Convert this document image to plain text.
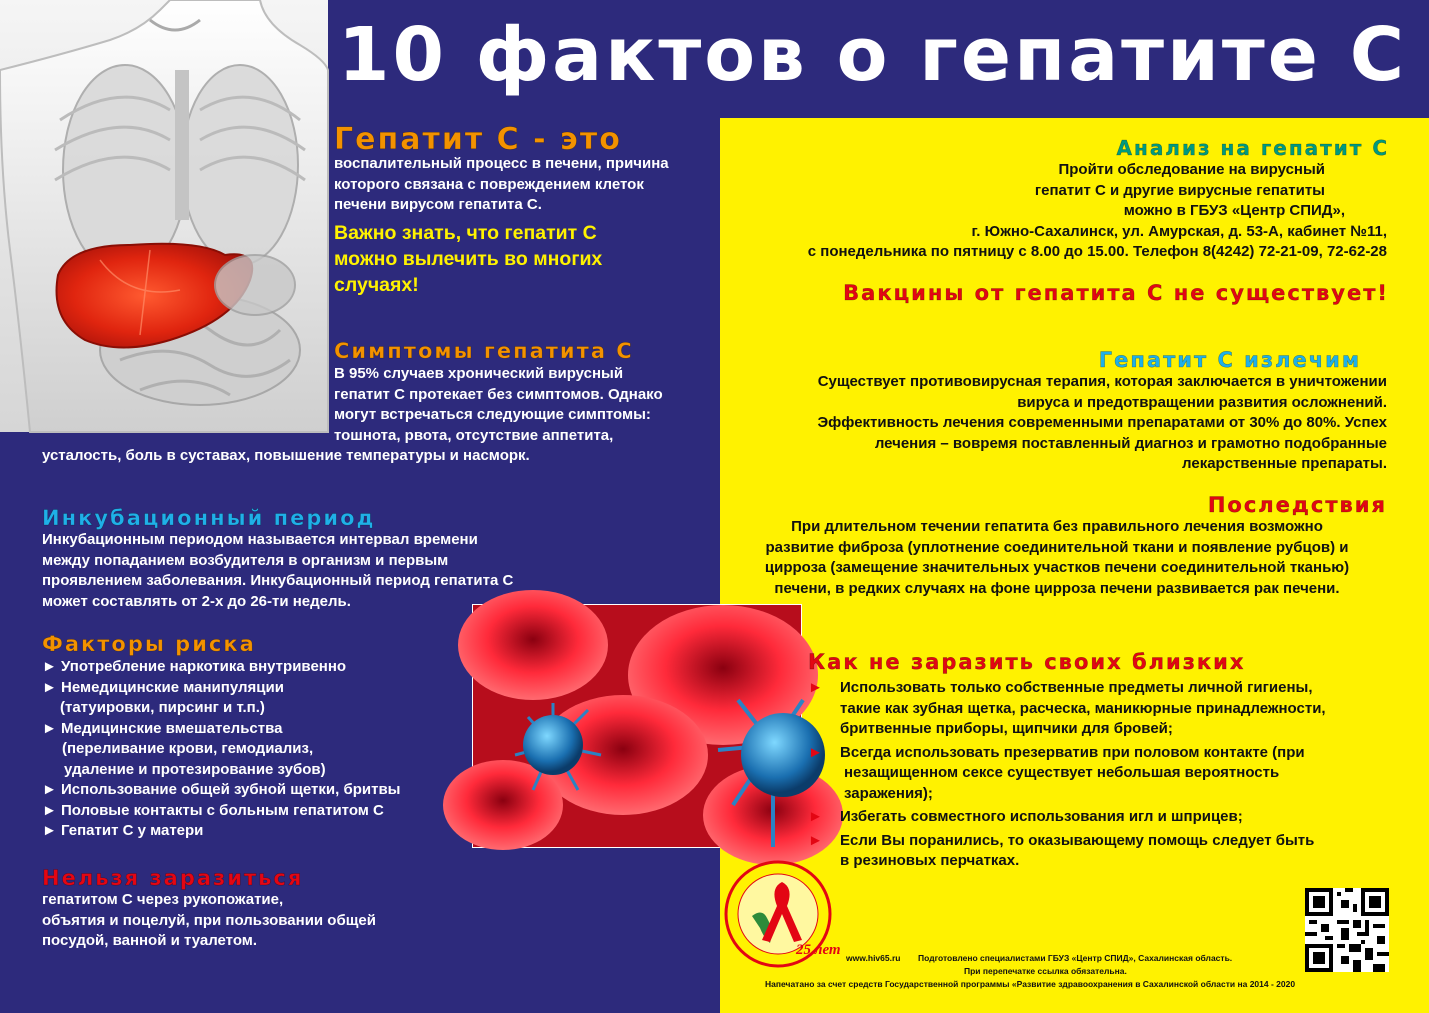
10 фактов о гепатите С
Гепатит С - это
воспалительный процесс в печени, причина
которого связана с повреждением клеток
печени вирусом гепатита С.
Важно знать, что гепатит С
можно вылечить во многих
случаях!
Симптомы гепатита С
В 95% случаев хронический вирусный
гепатит С протекает без симптомов. Однако
могут встречаться следующие симптомы:
тошнота, рвота, отсутствие аппетита,
усталость, боль в суставах, повышение температуры и насморк.
Инкубационный период
Инкубационным периодом называется интервал времени
между попаданием возбудителя в организм и первым
проявлением заболевания. Инкубационный период гепатита С
может составлять от 2-х до 26-ти недель.
Факторы риска
► Употребление наркотика внутривенно
► Немедицинские манипуляции
(татуировки, пирсинг и т.п.)
► Медицинские вмешательства
(переливание крови, гемодиализ,
удаление и протезирование зубов)
► Использование общей зубной щетки, бритвы
► Половые контакты с больным гепатитом С
► Гепатит С у матери
Нельзя заразиться
гепатитом С через рукопожатие,
объятия и поцелуй, при пользовании общей
посудой, ванной и туалетом.
Анализ на гепатит С
Пройти обследование на вирусный
гепатит С и другие вирусные гепатиты
можно в ГБУЗ «Центр СПИД»,
г. Южно-Сахалинск, ул. Амурская, д. 53-А, кабинет №11,
с понедельника по пятницу с 8.00 до 15.00. Телефон 8(4242) 72-21-09, 72-62-28
Вакцины от гепатита С не существует!
Гепатит С излечим
Существует противовирусная терапия, которая заключается в уничтожении
вируса и предотвращении развития осложнений.
Эффективность лечения современными препаратами от 30% до 80%. Успех
лечения – вовремя поставленный диагноз и грамотно подобранные
лекарственные препараты.
Последствия
При длительном течении гепатита без правильного лечения возможно
развитие фиброза (уплотнение соединительной ткани и появление рубцов) и
цирроза (замещение значительных участков печени соединительной тканью)
печени, в редких случаях на фоне цирроза печени развивается рак печени.
Как не заразить своих близких
►	Использовать только собственные предметы личной гигиены,
такие как зубная щетка, расческа, маникюрные принадлежности,
бритвенные приборы, щипчики для бровей;
►	Всегда использовать презерватив при половом контакте (при
незащищенном сексе существует небольшая вероятность
заражения);
►	Избегать совместного использования игл и шприцев;
►	Если Вы поранились, то оказывающему помощь следует быть
в резиновых перчатках.
25 лет www.hiv65.ru Подготовлено специалистами ГБУЗ «Центр СПИД», Сахалинская область.
При перепечатке ссылка обязательна.
Напечатано за счет средств Государственной программы «Развитие здравоохранения в Сахалинской области на 2014 - 2020
